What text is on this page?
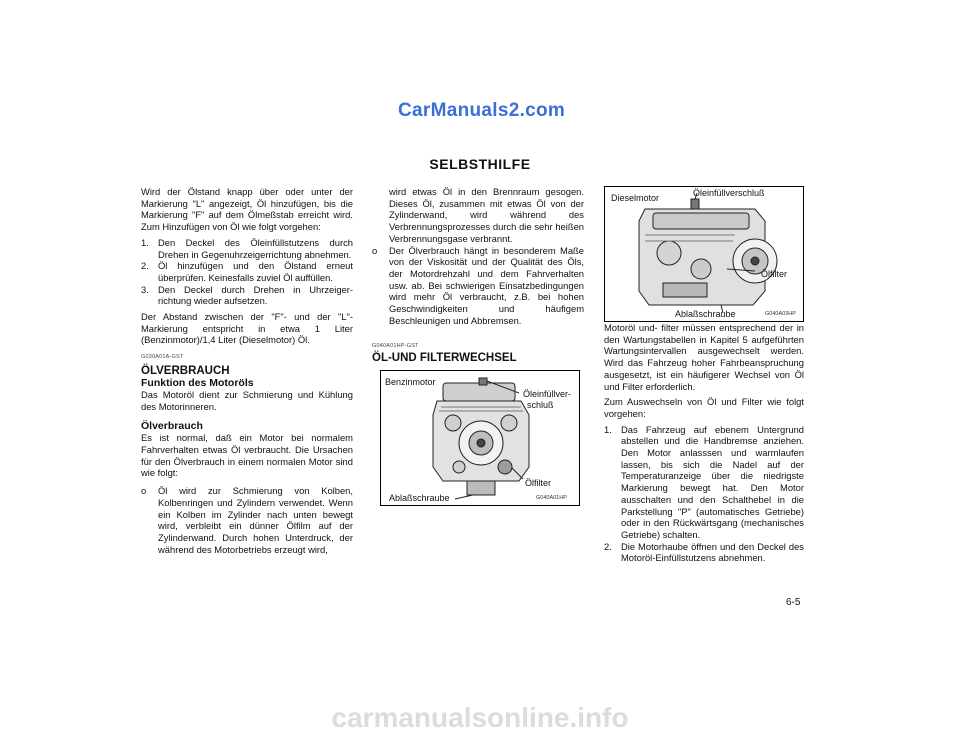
CarManuals2.com
SELBSTHILFE

Wird der Ölstand knapp über oder unter der Markierung "L" angezeigt, Öl hinzufügen, bis die Markierung "F" auf dem Ölmeßstab erreicht wird. Zum Hinzufügen von Öl wie folgt vorgehen:

1. Den Deckel des Öleinfüllstutzens durch Drehen in Gegenuhrzeigerrichtung abnehmen.
2. Öl hinzufügen und den Ölstand erneut überprüfen. Keinesfalls zuviel Öl auffüllen.
3. Den Deckel durch Drehen in Uhrzeiger-richtung wieder aufsetzen.

Der Abstand zwischen der "F"- und der "L"-Markierung entspricht in etwa 1 Liter (Benzinmotor)/1,4 Liter (Dieselmotor) Öl.

G030A01A-GST
ÖLVERBRAUCH
Funktion des Motoröls

Das Motoröl dient zur Schmierung und Kühlung des Motorinneren.

Ölverbrauch

Es ist normal, daß ein Motor bei normalem Fahrverhalten etwas Öl verbraucht. Die Ursachen für den Ölverbrauch in einem normalen Motor sind wie folgt:

o Öl wird zur Schmierung von Kolben, Kolbenringen und Zylindern verwendet. Wenn ein Kolben im Zylinder nach unten bewegt wird, verbleibt ein dünner Ölfilm auf der Zylinderwand. Durch hohen Unterdruck, der während des Motorbetriebs erzeugt wird,
wird etwas Öl in den Brennraum gesogen. Dieses Öl, zusammen mit etwas Öl von der Zylinderwand, wird während des Verbrennungsprozesses durch die sehr heißen Verbrennungsgase verbrannt.
o Der Ölverbrauch hängt in besonderem Maße von der Viskosität und der Qualität des Öls, der Motordrehzahl und dem Fahrverhalten usw. ab. Bei schwierigen Einsatzbedingungen wird mehr Öl verbraucht, z.B. bei hohen Geschwindigkeiten und häufigem Beschleunigen und Abbremsen.
G040A01HP-GST
ÖL-UND FILTERWECHSEL
Benzinmotor
Öleinfüllver-
schluß
Ölfilter
Ablaßschraube	G040A01HP
Dieselmotor	Öleinfüllverschluß
Ölfilter
Ablaßschraube	G040A03HP

Motoröl und- filter müssen entsprechend der in den Wartungstabellen in Kapitel 5 aufgeführten Wartungsintervallen ausgewechselt werden. Wird das Fahrzeug hoher Fahrbeanspruchung ausgesetzt, ist ein häufigerer Wechsel von Öl und Filter erforderlich.

Zum Auswechseln von Öl und Filter wie folgt vorgehen:

1. Das Fahrzeug auf ebenem Untergrund abstellen und die Handbremse anziehen. Den Motor anlasssen und warmlaufen lassen, bis sich die Nadel auf der Temperaturanzeige über die niedrigste Markierung bewegt hat. Den Motor ausschalten und den Schalthebel in die Parkstellung "P" (automatisches Getriebe) oder in den Rückwärtsgang (mechanisches Getriebe) schalten.
2. Die Motorhaube öffnen und den Deckel des Motoröl-Einfüllstutzens abnehmen.
6-5
carmanualsonline.info
